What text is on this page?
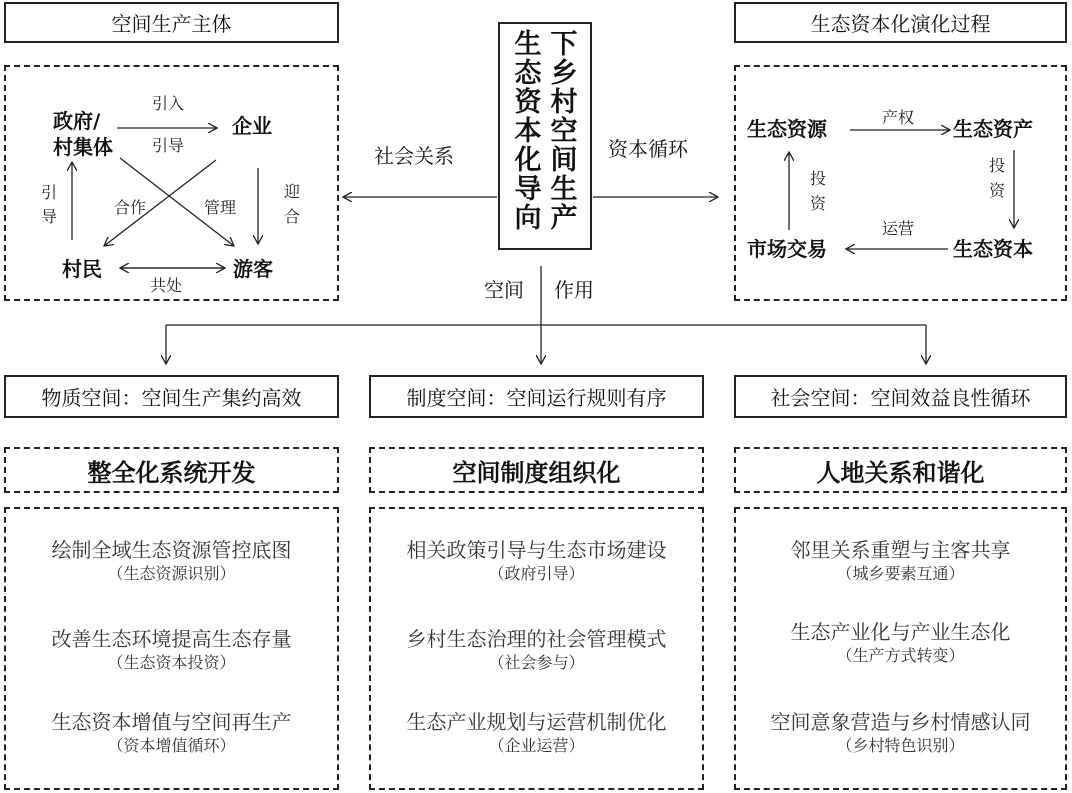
空间生产主体	生态资本化演化过程
生态资本化导向
下乡村空间生产
社会关系	资本循环
空间 作用
政府/
村集体
企业
村民	游客
引入
引导
引
导	合作	管理
迎
合
共处
生态资源	生态资产
生态资本
市场交易
产权
投
资
运营
投
资
物质空间：空间生产集约高效	制度空间：空间运行规则有序	社会空间：空间效益良性循环
整全化系统开发	空间制度组织化	人地关系和谐化
绘制全域生态资源管控底图
（生态资源识别）
改善生态环境提高生态存量
（生态资本投资）
生态资本增值与空间再生产
（资本增值循环）
相关政策引导与生态市场建设
（政府引导）
乡村生态治理的社会管理模式
（社会参与）
生态产业规划与运营机制优化
（企业运营）
邻里关系重塑与主客共享
（城乡要素互通）
生态产业化与产业生态化
（生产方式转变）
空间意象营造与乡村情感认同
（乡村特色识别）
